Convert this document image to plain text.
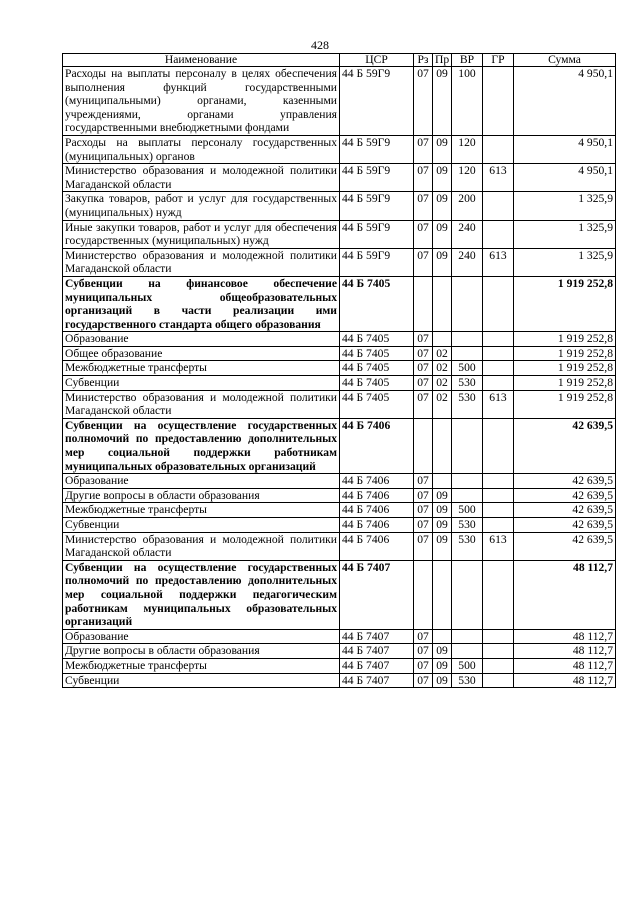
428
Наименование	ЦСР	Рз	Пр	ВР	ГР	Сумма
Расходы на выплаты персоналу в целях обеспечения выполнения функций государственными (муниципальными) органами, казенными учреждениями, органами управления государственными внебюджетными фондами	44 Б 59Г9	07	09	100		4 950,1
Расходы на выплаты персоналу государственных (муниципальных) органов	44 Б 59Г9	07	09	120		4 950,1
Министерство образования и молодежной политики Магаданской области	44 Б 59Г9	07	09	120	613	4 950,1
Закупка товаров, работ и услуг для государственных (муниципальных) нужд	44 Б 59Г9	07	09	200		1 325,9
Иные закупки товаров, работ и услуг для обеспечения государственных (муниципальных) нужд	44 Б 59Г9	07	09	240		1 325,9
Министерство образования и молодежной политики Магаданской области	44 Б 59Г9	07	09	240	613	1 325,9
Субвенции на финансовое обеспечение муниципальных общеобразовательных организаций в части реализации ими государственного стандарта общего образования	44 Б 7405					1 919 252,8
Образование	44 Б 7405	07				1 919 252,8
Общее образование	44 Б 7405	07	02			1 919 252,8
Межбюджетные трансферты	44 Б 7405	07	02	500		1 919 252,8
Субвенции	44 Б 7405	07	02	530		1 919 252,8
Министерство образования и молодежной политики Магаданской области	44 Б 7405	07	02	530	613	1 919 252,8
Субвенции на осуществление государственных полномочий по предоставлению дополнительных мер социальной поддержки работникам муниципальных образовательных организаций	44 Б 7406					42 639,5
Образование	44 Б 7406	07				42 639,5
Другие вопросы в области образования	44 Б 7406	07	09			42 639,5
Межбюджетные трансферты	44 Б 7406	07	09	500		42 639,5
Субвенции	44 Б 7406	07	09	530		42 639,5
Министерство образования и молодежной политики Магаданской области	44 Б 7406	07	09	530	613	42 639,5
Субвенции на осуществление государственных полномочий по предоставлению дополнительных мер социальной поддержки педагогическим работникам муниципальных образовательных организаций	44 Б 7407					48 112,7
Образование	44 Б 7407	07				48 112,7
Другие вопросы в области образования	44 Б 7407	07	09			48 112,7
Межбюджетные трансферты	44 Б 7407	07	09	500		48 112,7
Субвенции	44 Б 7407	07	09	530		48 112,7
